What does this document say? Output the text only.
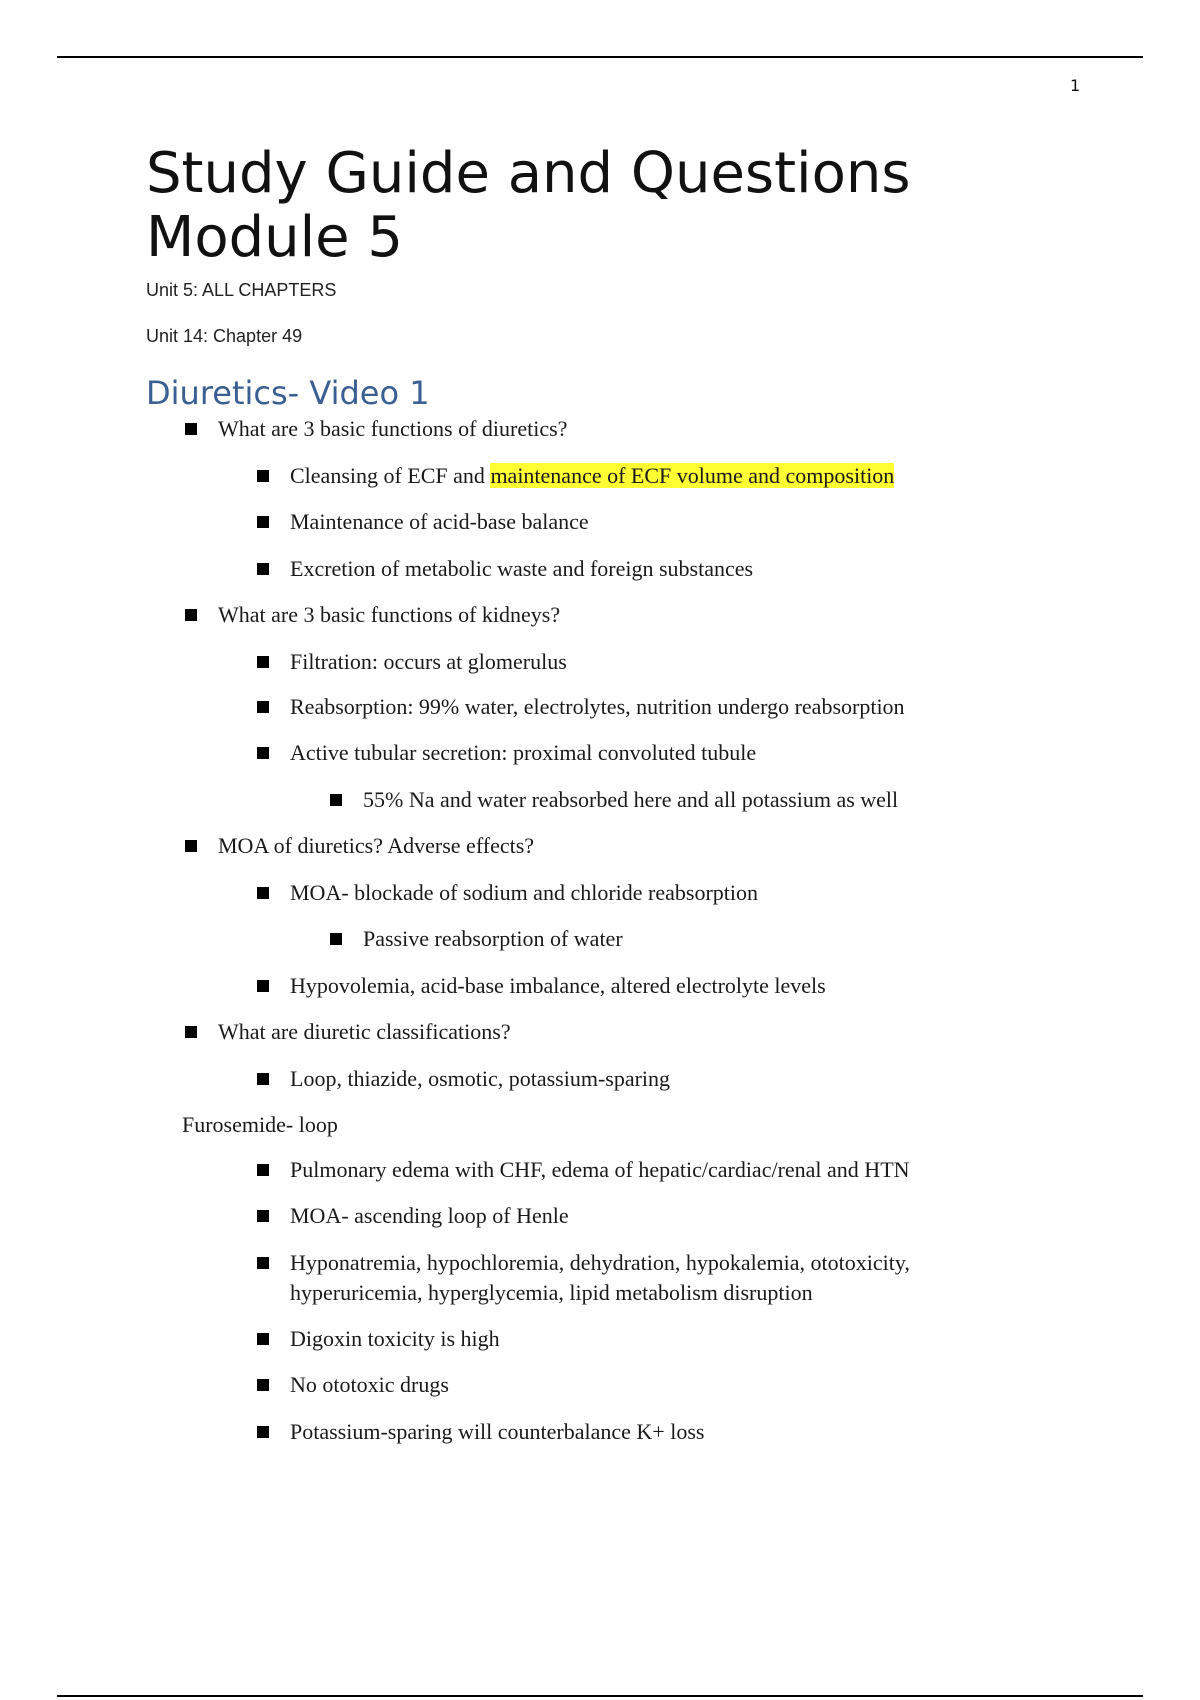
1
Study Guide and Questions
Module 5

Unit 5: ALL CHAPTERS

Unit 14: Chapter 49

Diuretics- Video 1

What are 3 basic functions of diuretics?

Cleansing of ECF and maintenance of ECF volume and composition

Maintenance of acid-base balance

Excretion of metabolic waste and foreign substances

What are 3 basic functions of kidneys?

Filtration: occurs at glomerulus

Reabsorption: 99% water, electrolytes, nutrition undergo reabsorption

Active tubular secretion: proximal convoluted tubule

55% Na and water reabsorbed here and all potassium as well

MOA of diuretics? Adverse effects?

MOA- blockade of sodium and chloride reabsorption

Passive reabsorption of water

Hypovolemia, acid-base imbalance, altered electrolyte levels

What are diuretic classifications?

Loop, thiazide, osmotic, potassium-sparing

Furosemide- loop

Pulmonary edema with CHF, edema of hepatic/cardiac/renal and HTN

MOA- ascending loop of Henle

Hyponatremia, hypochloremia, dehydration, hypokalemia, ototoxicity,
hyperuricemia, hyperglycemia, lipid metabolism disruption

Digoxin toxicity is high

No ototoxic drugs

Potassium-sparing will counterbalance K+ loss
